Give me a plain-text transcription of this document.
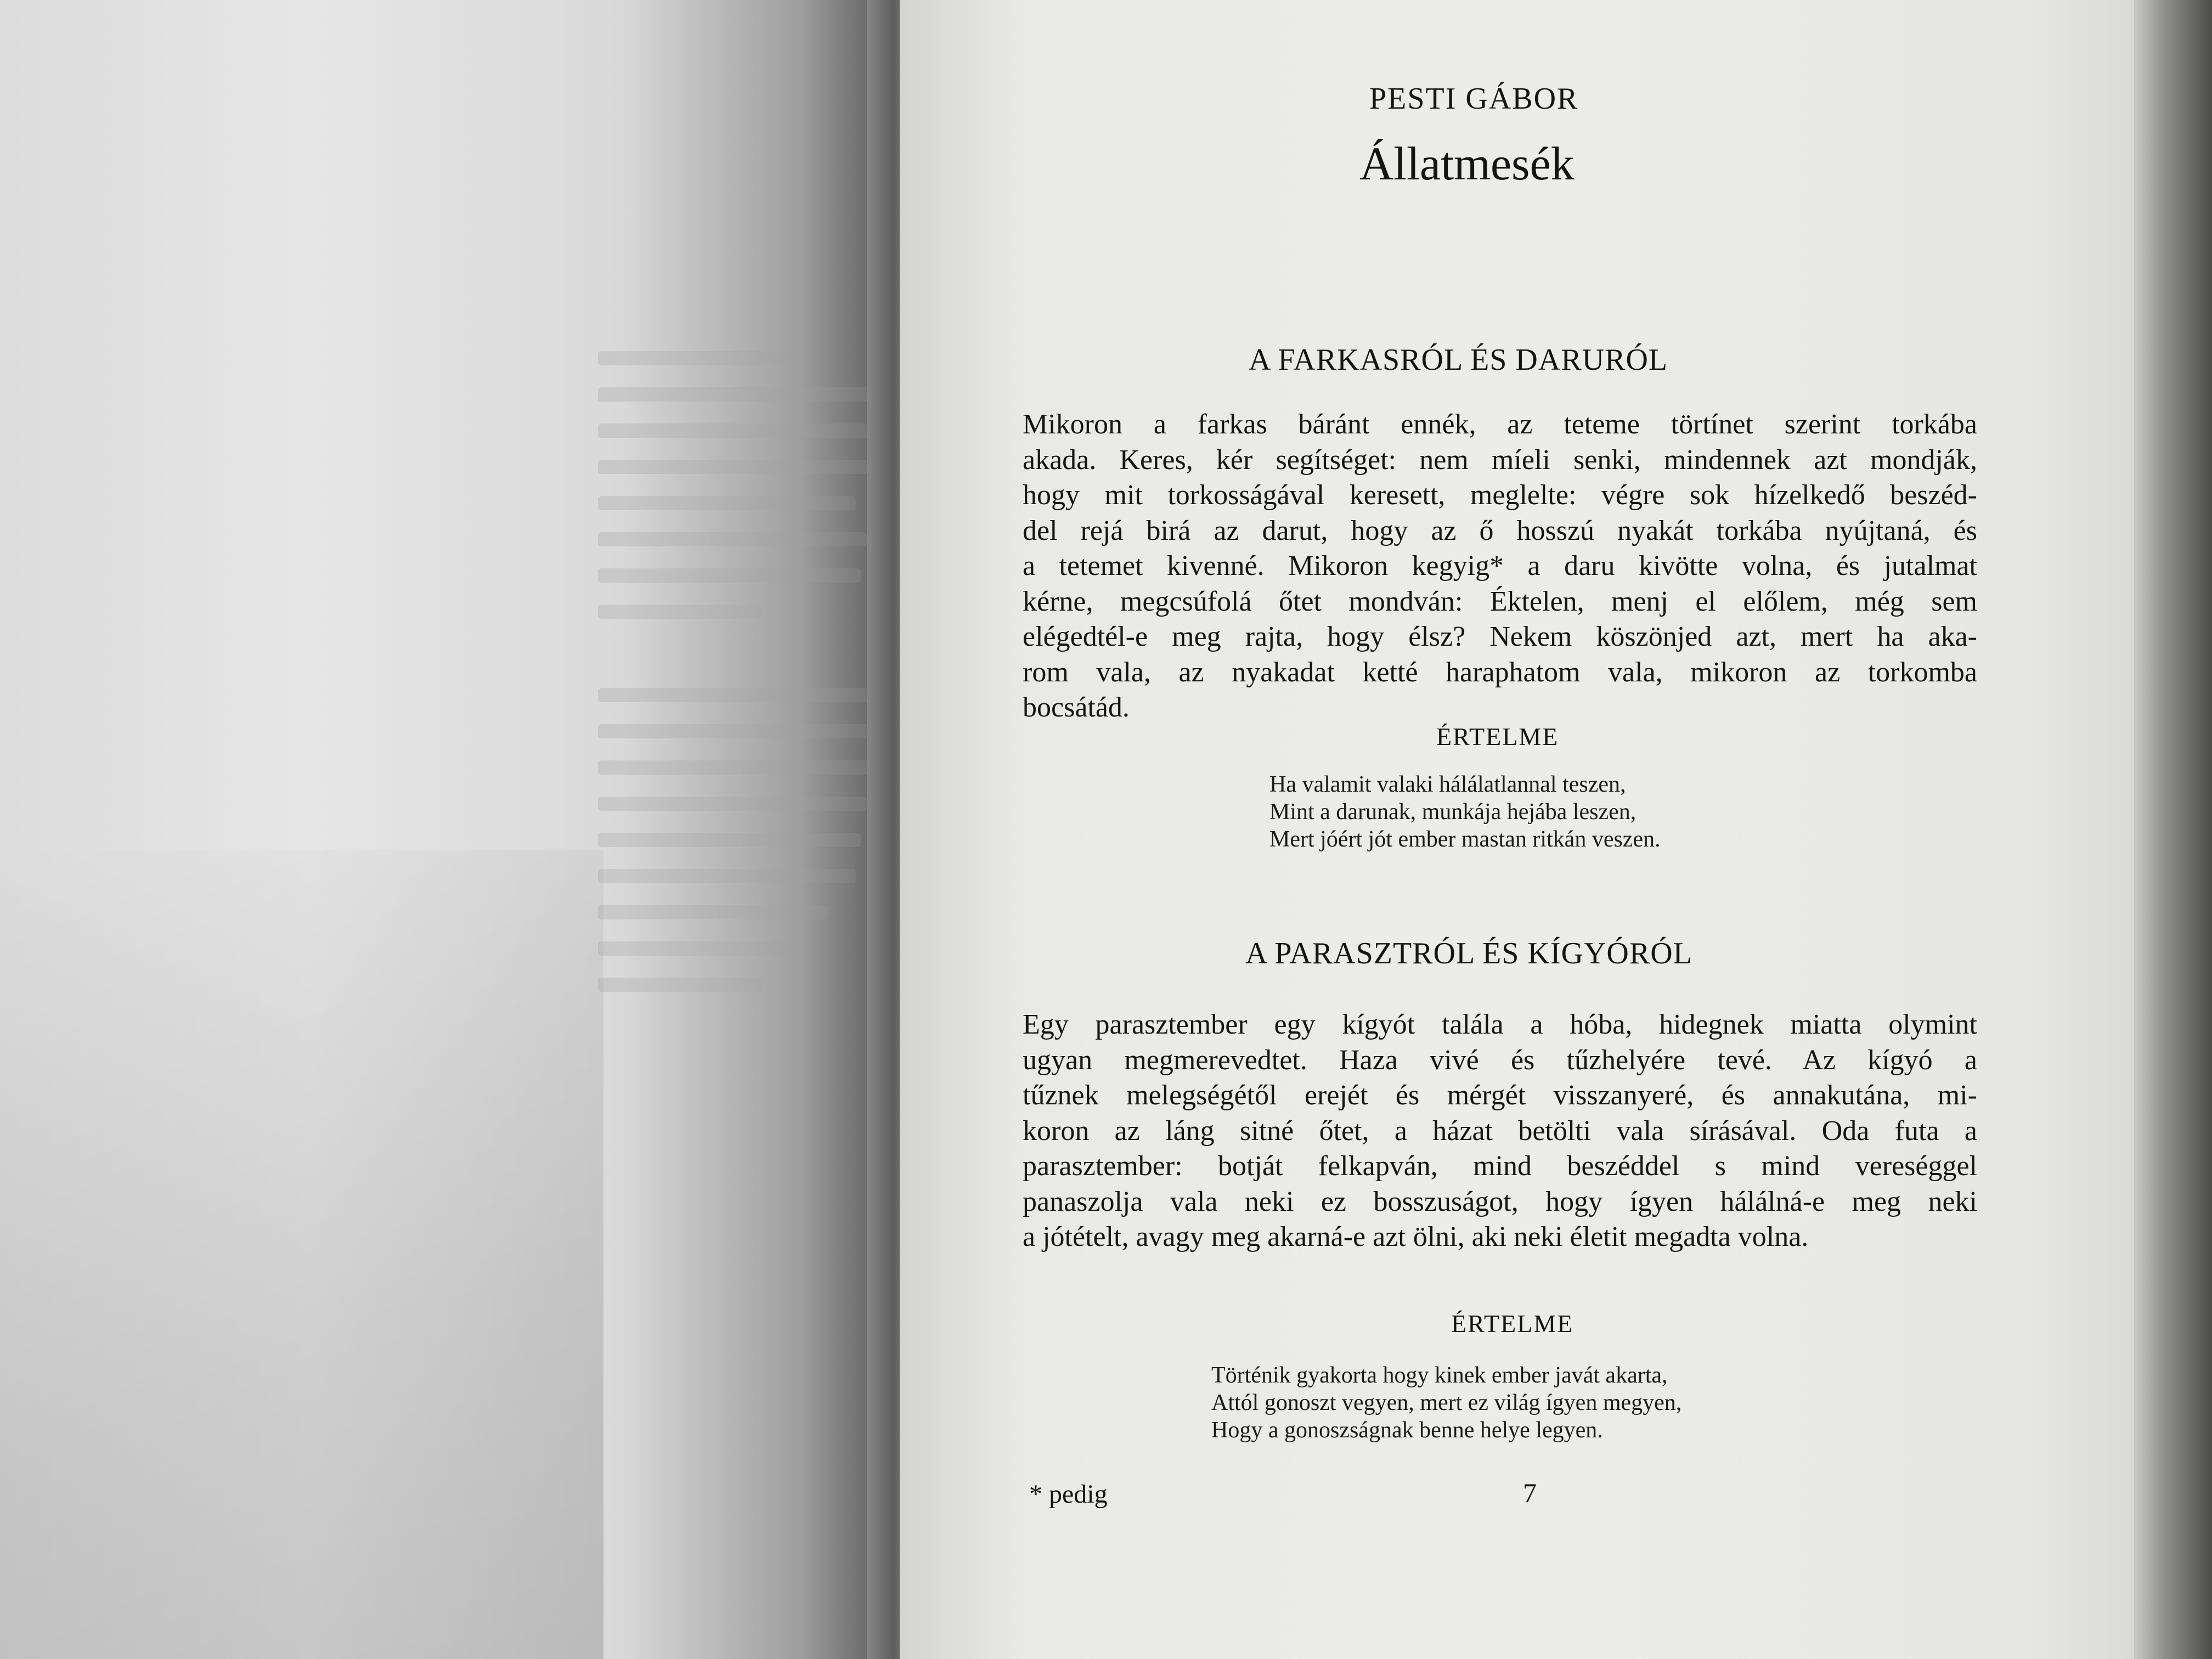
PESTI GÁBOR
Állatmesék
A FARKASRÓL ÉS DARURÓL
Mikoron a farkas báránt ennék, az teteme törtínet szerint torkába
akada. Keres, kér segítséget: nem míeli senki, mindennek azt mondják,
hogy mit torkosságával keresett, meglelte: végre sok hízelkedő beszéd-
del rejá birá az darut, hogy az ő hosszú nyakát torkába nyújtaná, és
a tetemet kivenné. Mikoron kegyig* a daru kivötte volna, és jutalmat
kérne, megcsúfolá őtet mondván: Éktelen, menj el előlem, még sem
elégedtél-e meg rajta, hogy élsz? Nekem köszönjed azt, mert ha aka-
rom vala, az nyakadat ketté haraphatom vala, mikoron az torkomba
bocsátád.
ÉRTELME
Ha valamit valaki hálálatlannal teszen,
Mint a darunak, munkája hejába leszen,
Mert jóért jót ember mastan ritkán veszen.
A PARASZTRÓL ÉS KÍGYÓRÓL
Egy parasztember egy kígyót talála a hóba, hidegnek miatta olymint
ugyan megmerevedtet. Haza vivé és tűzhelyére tevé. Az kígyó a
tűznek melegségétől erejét és mérgét visszanyeré, és annakutána, mi-
koron az láng sitné őtet, a házat betölti vala sírásával. Oda futa a
parasztember: botját felkapván, mind beszéddel s mind vereséggel
panaszolja vala neki ez bosszuságot, hogy ígyen hálálná-e meg neki
a jótételt, avagy meg akarná-e azt ölni, aki neki életit megadta volna.
ÉRTELME
Történik gyakorta hogy kinek ember javát akarta,
Attól gonoszt vegyen, mert ez világ ígyen megyen,
Hogy a gonoszságnak benne helye legyen.
* pedig	7
